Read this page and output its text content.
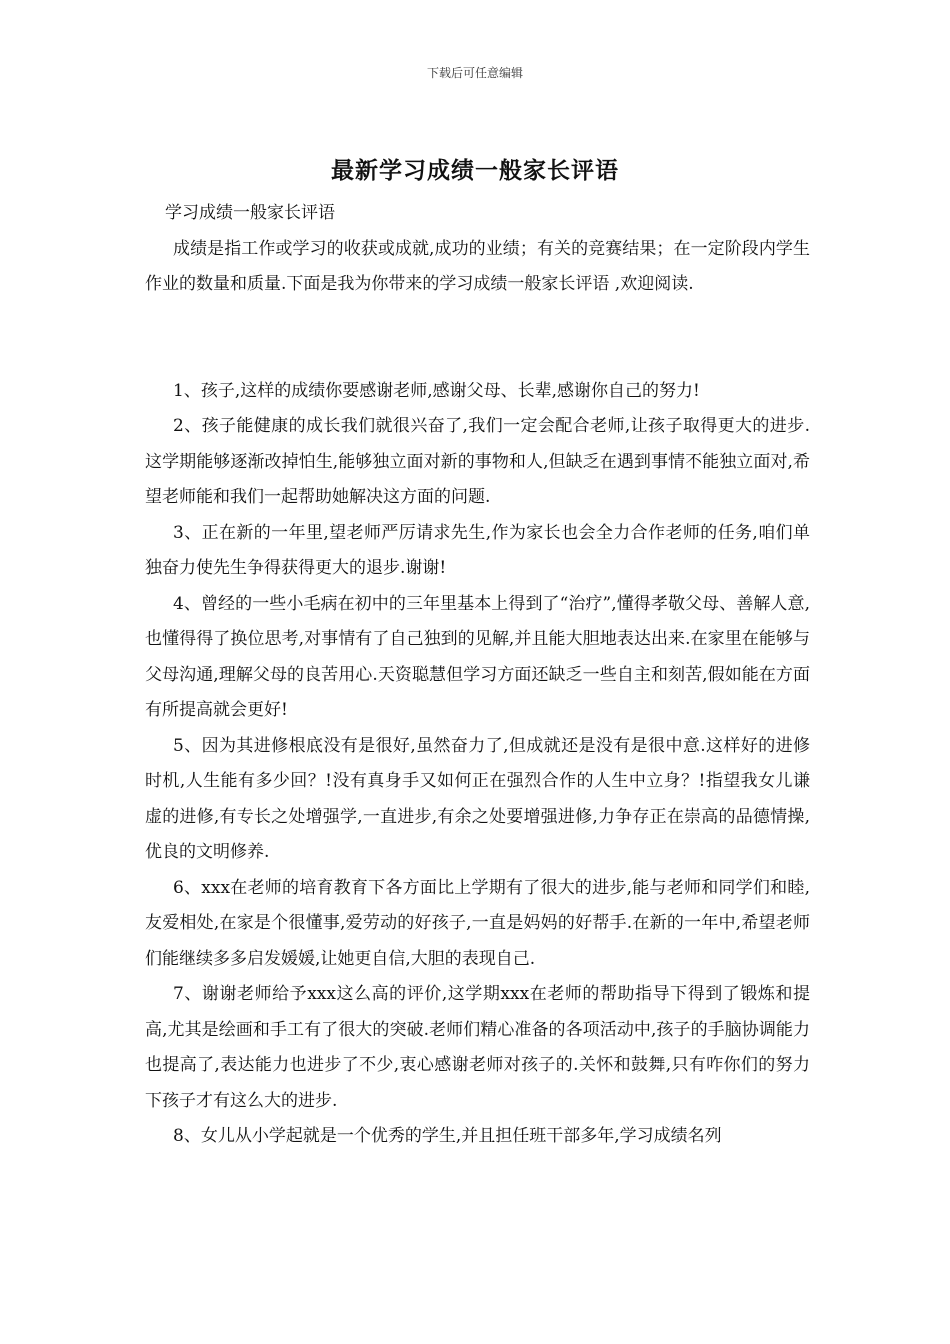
下载后可任意编辑
最新学习成绩一般家长评语

学习成绩一般家长评语

成绩是指工作或学习的收获或成就,成功的业绩；有关的竞赛结果；在一定阶段内学生作业的数量和质量.下面是我为你带来的学习成绩一般家长评语 ,欢迎阅读.

1、孩子,这样的成绩你要感谢老师,感谢父母、长辈,感谢你自己的努力!

2、孩子能健康的成长我们就很兴奋了,我们一定会配合老师,让孩子取得更大的进步.这学期能够逐渐改掉怕生,能够独立面对新的事物和人,但缺乏在遇到事情不能独立面对,希望老师能和我们一起帮助她解决这方面的问题.

3、正在新的一年里,望老师严厉请求先生,作为家长也会全力合作老师的任务,咱们单独奋力使先生争得获得更大的退步.谢谢!

4、曾经的一些小毛病在初中的三年里基本上得到了“治疗”,懂得孝敬父母、善解人意,也懂得得了换位思考,对事情有了自己独到的见解,并且能大胆地表达出来.在家里在能够与父母沟通,理解父母的良苦用心.天资聪慧但学习方面还缺乏一些自主和刻苦,假如能在方面有所提高就会更好!

5、因为其进修根底没有是很好,虽然奋力了,但成就还是没有是很中意.这样好的进修时机,人生能有多少回？!没有真身手又如何正在强烈合作的人生中立身？!指望我女儿谦虚的进修,有专长之处增强学,一直进步,有余之处要增强进修,力争存正在崇高的品德情操,优良的文明修养.

6、xxx在老师的培育教育下各方面比上学期有了很大的进步,能与老师和同学们和睦,友爱相处,在家是个很懂事,爱劳动的好孩子,一直是妈妈的好帮手.在新的一年中,希望老师们能继续多多启发媛媛,让她更自信,大胆的表现自己.

7、谢谢老师给予xxx这么高的评价,这学期xxx在老师的帮助指导下得到了锻炼和提高,尤其是绘画和手工有了很大的突破.老师们精心准备的各项活动中,孩子的手脑协调能力也提高了,表达能力也进步了不少,衷心感谢老师对孩子的.关怀和鼓舞,只有咋你们的努力下孩子才有这么大的进步.

8、女儿从小学起就是一个优秀的学生,并且担任班干部多年,学习成绩名列
